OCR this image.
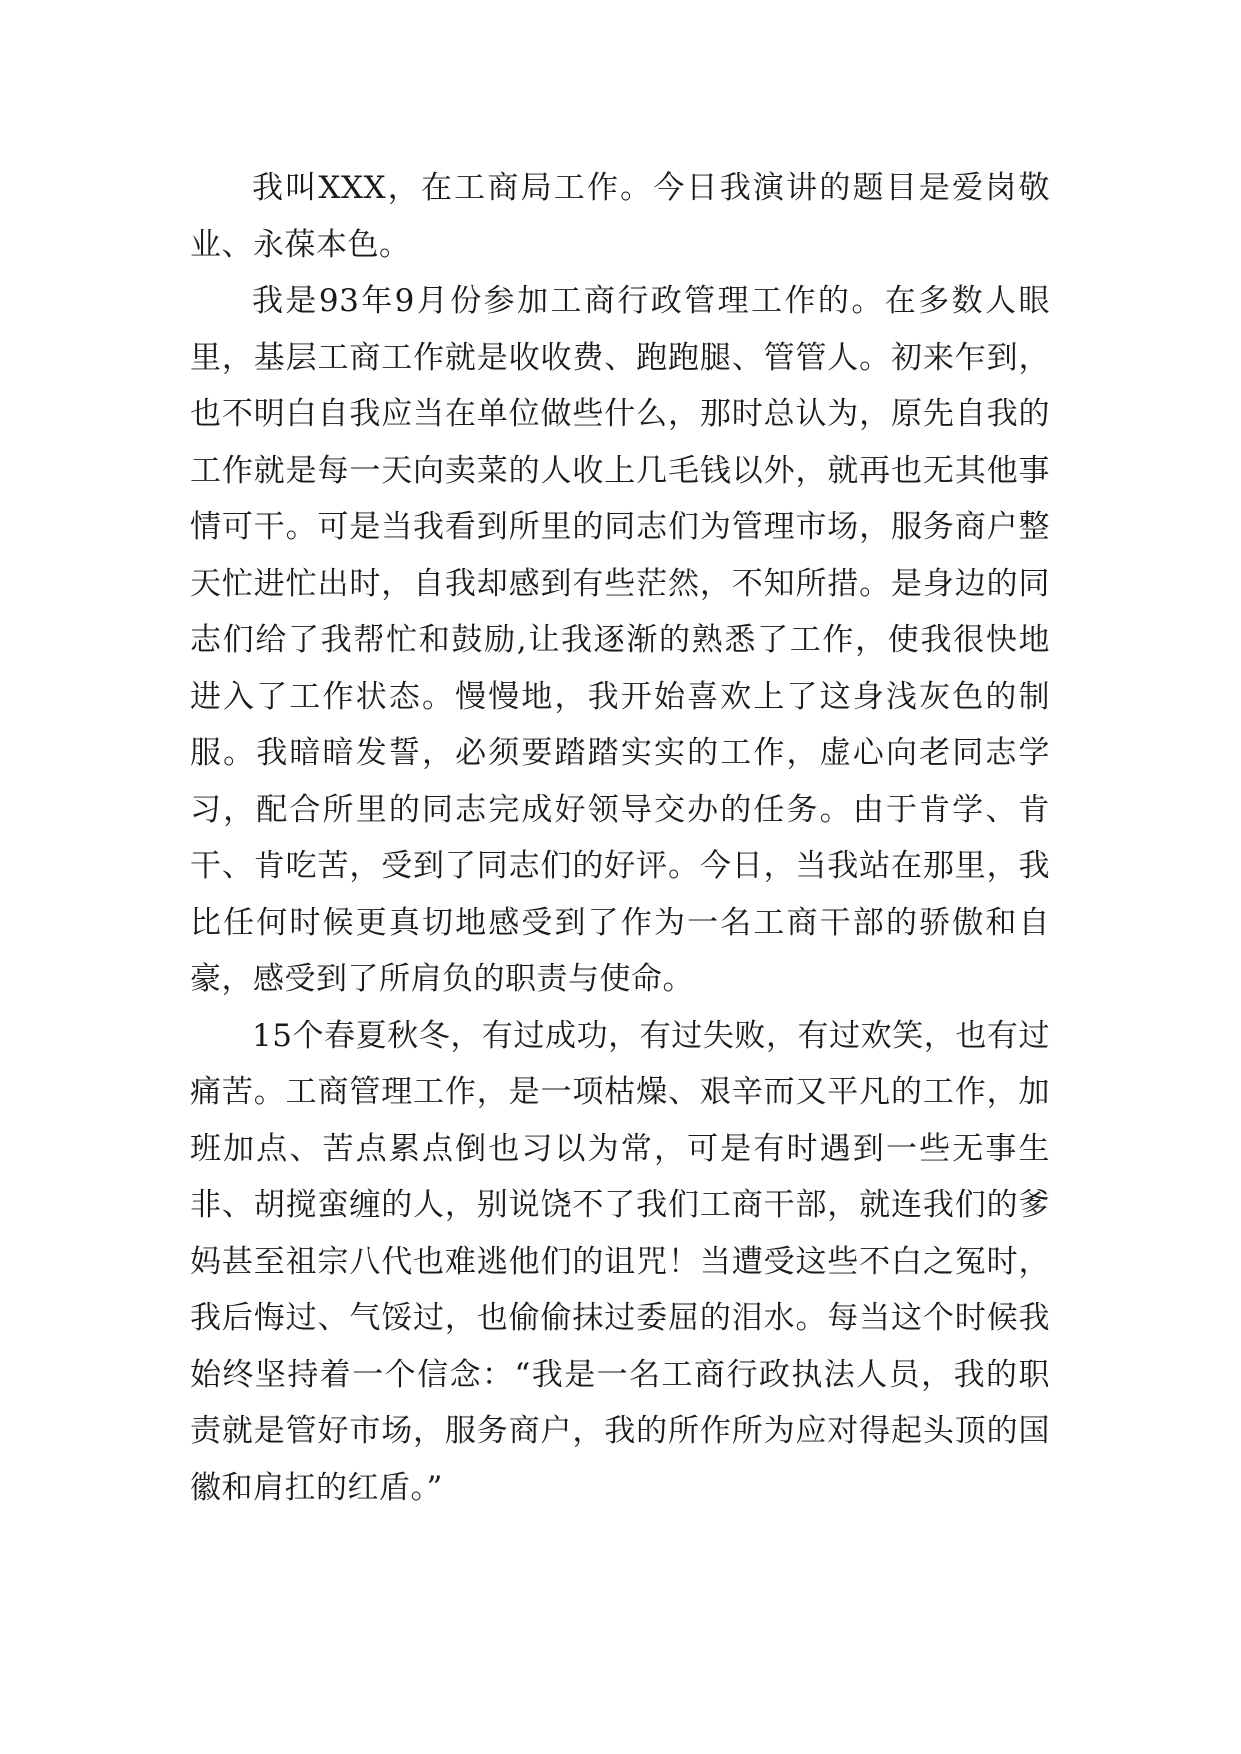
我叫XXX，在工商局工作。今日我演讲的题目是爱岗敬业、永葆本色。

我是93年9月份参加工商行政管理工作的。在多数人眼里，基层工商工作就是收收费、跑跑腿、管管人。初来乍到，也不明白自我应当在单位做些什么，那时总认为，原先自我的工作就是每一天向卖菜的人收上几毛钱以外，就再也无其他事情可干。可是当我看到所里的同志们为管理市场，服务商户整天忙进忙出时，自我却感到有些茫然，不知所措。是身边的同志们给了我帮忙和鼓励,让我逐渐的熟悉了工作，使我很快地进入了工作状态。慢慢地，我开始喜欢上了这身浅灰色的制服。我暗暗发誓，必须要踏踏实实的工作，虚心向老同志学习，配合所里的同志完成好领导交办的任务。由于肯学、肯干、肯吃苦，受到了同志们的好评。今日，当我站在那里，我比任何时候更真切地感受到了作为一名工商干部的骄傲和自豪，感受到了所肩负的职责与使命。

15个春夏秋冬，有过成功，有过失败，有过欢笑，也有过痛苦。工商管理工作，是一项枯燥、艰辛而又平凡的工作，加班加点、苦点累点倒也习以为常，可是有时遇到一些无事生非、胡搅蛮缠的人，别说饶不了我们工商干部，就连我们的爹妈甚至祖宗八代也难逃他们的诅咒！当遭受这些不白之冤时，我后悔过、气馁过，也偷偷抹过委屈的泪水。每当这个时候我始终坚持着一个信念：“我是一名工商行政执法人员，我的职责就是管好市场，服务商户，我的所作所为应对得起头顶的国徽和肩扛的红盾。”
